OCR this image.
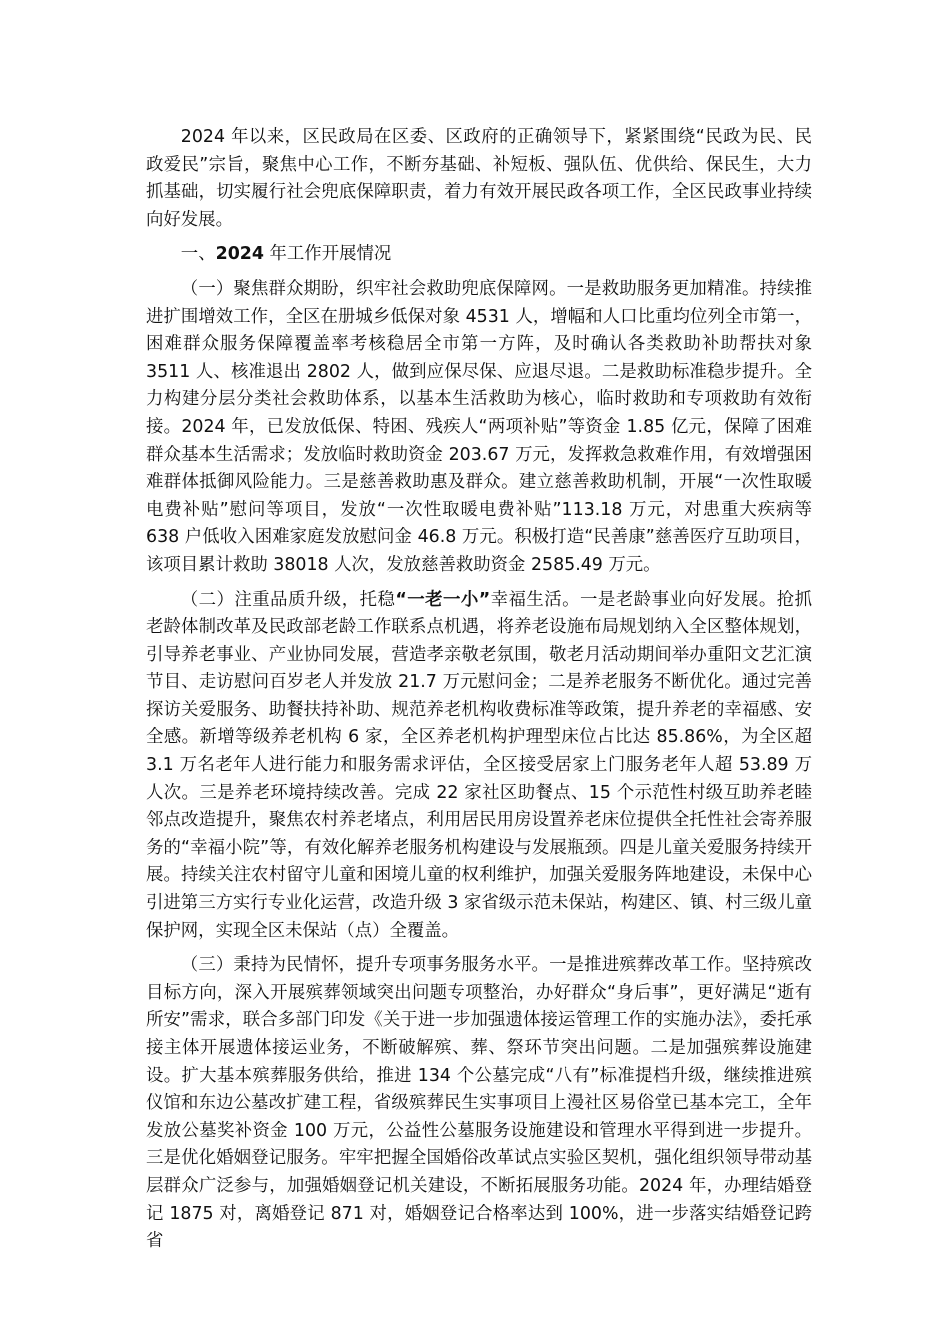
2024 年以来，区民政局在区委、区政府的正确领导下，紧紧围绕“民政为民、民政爱民”宗旨，聚焦中心工作，不断夯基础、补短板、强队伍、优供给、保民生，大力抓基础，切实履行社会兜底保障职责，着力有效开展民政各项工作，全区民政事业持续向好发展。

一、2024 年工作开展情况

（一）聚焦群众期盼，织牢社会救助兜底保障网。一是救助服务更加精准。持续推进扩围增效工作，全区在册城乡低保对象 4531 人，增幅和人口比重均位列全市第一，困难群众服务保障覆盖率考核稳居全市第一方阵，及时确认各类救助补助帮扶对象 3511 人、核准退出 2802 人，做到应保尽保、应退尽退。二是救助标准稳步提升。全力构建分层分类社会救助体系，以基本生活救助为核心，临时救助和专项救助有效衔接。2024 年，已发放低保、特困、残疾人“两项补贴”等资金 1.85 亿元，保障了困难群众基本生活需求；发放临时救助资金 203.67 万元，发挥救急救难作用，有效增强困难群体抵御风险能力。三是慈善救助惠及群众。建立慈善救助机制，开展“一次性取暖电费补贴”慰问等项目，发放“一次性取暖电费补贴”113.18 万元，对患重大疾病等 638 户低收入困难家庭发放慰问金 46.8 万元。积极打造“民善康”慈善医疗互助项目，该项目累计救助 38018 人次，发放慈善救助资金 2585.49 万元。

（二）注重品质升级，托稳“一老一小”幸福生活。一是老龄事业向好发展。抢抓老龄体制改革及民政部老龄工作联系点机遇，将养老设施布局规划纳入全区整体规划，引导养老事业、产业协同发展，营造孝亲敬老氛围，敬老月活动期间举办重阳文艺汇演节目、走访慰问百岁老人并发放 21.7 万元慰问金；二是养老服务不断优化。通过完善探访关爱服务、助餐扶持补助、规范养老机构收费标准等政策，提升养老的幸福感、安全感。新增等级养老机构 6 家，全区养老机构护理型床位占比达 85.86%，为全区超 3.1 万名老年人进行能力和服务需求评估，全区接受居家上门服务老年人超 53.89 万人次。三是养老环境持续改善。完成 22 家社区助餐点、15 个示范性村级互助养老睦邻点改造提升，聚焦农村养老堵点，利用居民用房设置养老床位提供全托性社会寄养服务的“幸福小院”等，有效化解养老服务机构建设与发展瓶颈。四是儿童关爱服务持续开展。持续关注农村留守儿童和困境儿童的权利维护，加强关爱服务阵地建设，未保中心引进第三方实行专业化运营，改造升级 3 家省级示范未保站，构建区、镇、村三级儿童保护网，实现全区未保站（点）全覆盖。

（三）秉持为民情怀，提升专项事务服务水平。一是推进殡葬改革工作。坚持殡改目标方向，深入开展殡葬领域突出问题专项整治，办好群众“身后事”，更好满足“逝有所安”需求，联合多部门印发《关于进一步加强遗体接运管理工作的实施办法》，委托承接主体开展遗体接运业务，不断破解殡、葬、祭环节突出问题。二是加强殡葬设施建设。扩大基本殡葬服务供给，推进 134 个公墓完成“八有”标准提档升级，继续推进殡仪馆和东边公墓改扩建工程，省级殡葬民生实事项目上漫社区易俗堂已基本完工，全年发放公墓奖补资金 100 万元，公益性公墓服务设施建设和管理水平得到进一步提升。三是优化婚姻登记服务。牢牢把握全国婚俗改革试点实验区契机，强化组织领导带动基层群众广泛参与，加强婚姻登记机关建设，不断拓展服务功能。2024 年，办理结婚登记 1875 对，离婚登记 871 对，婚姻登记合格率达到 100%，进一步落实结婚登记跨省
